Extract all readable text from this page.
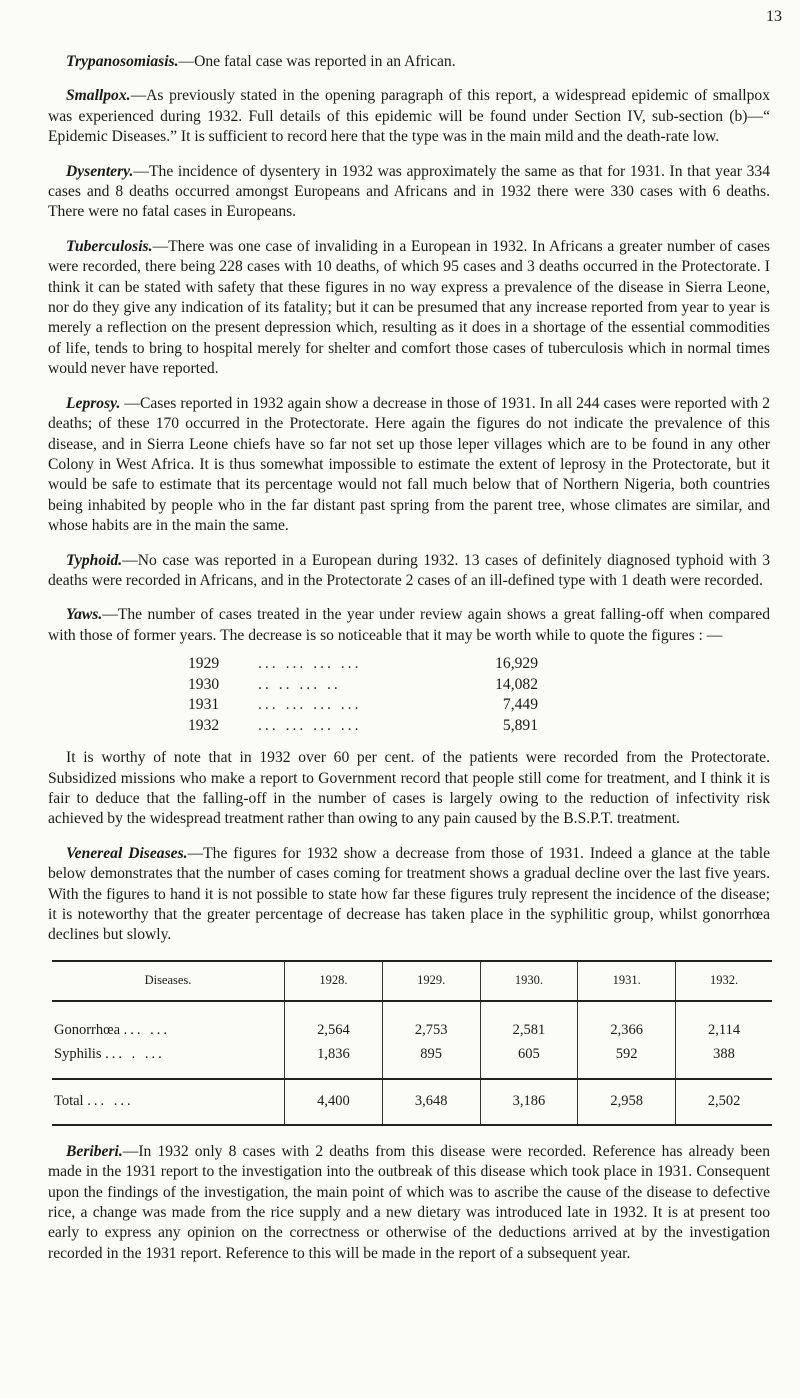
13

Trypanosomiasis.—One fatal case was reported in an African.

Smallpox.—As previously stated in the opening paragraph of this report, a widespread epidemic of smallpox was experienced during 1932. Full details of this epidemic will be found under Section IV, sub-section (b)—“ Epidemic Diseases.” It is sufficient to record here that the type was in the main mild and the death-rate low.

Dysentery.—The incidence of dysentery in 1932 was approximately the same as that for 1931. In that year 334 cases and 8 deaths occurred amongst Europeans and Africans and in 1932 there were 330 cases with 6 deaths. There were no fatal cases in Europeans.

Tuberculosis.—There was one case of invaliding in a European in 1932. In Africans a greater number of cases were recorded, there being 228 cases with 10 deaths, of which 95 cases and 3 deaths occurred in the Protectorate. I think it can be stated with safety that these figures in no way express a prevalence of the disease in Sierra Leone, nor do they give any indication of its fatality; but it can be presumed that any increase reported from year to year is merely a reflection on the present depression which, resulting as it does in a shortage of the essential commodities of life, tends to bring to hospital merely for shelter and comfort those cases of tuberculosis which in normal times would never have reported.

Leprosy. —Cases reported in 1932 again show a decrease in those of 1931. In all 244 cases were reported with 2 deaths; of these 170 occurred in the Protectorate. Here again the figures do not indicate the prevalence of this disease, and in Sierra Leone chiefs have so far not set up those leper villages which are to be found in any other Colony in West Africa. It is thus somewhat impossible to estimate the extent of leprosy in the Protectorate, but it would be safe to estimate that its percentage would not fall much below that of Northern Nigeria, both countries being inhabited by people who in the far distant past spring from the parent tree, whose climates are similar, and whose habits are in the main the same.

Typhoid.—No case was reported in a European during 1932. 13 cases of definitely diagnosed typhoid with 3 deaths were recorded in Africans, and in the Protectorate 2 cases of an ill-defined type with 1 death were recorded.

Yaws.—The number of cases treated in the year under review again shows a great falling-off when compared with those of former years. The decrease is so noticeable that it may be worth while to quote the figures : —

1929	... ... ... ...	16,929
1930	.. .. ... ..	14,082
1931	... ... ... ...	7,449
1932	... ... ... ...	5,891

It is worthy of note that in 1932 over 60 per cent. of the patients were recorded from the Protectorate. Subsidized missions who make a report to Government record that people still come for treatment, and I think it is fair to deduce that the falling-off in the number of cases is largely owing to the reduction of infectivity risk achieved by the widespread treatment rather than owing to any pain caused by the B.S.P.T. treatment.

Venereal Diseases.—The figures for 1932 show a decrease from those of 1931. Indeed a glance at the table below demonstrates that the number of cases coming for treatment shows a gradual decline over the last five years. With the figures to hand it is not possible to state how far these figures truly represent the incidence of the disease; it is noteworthy that the greater percentage of decrease has taken place in the syphilitic group, whilst gonorrhœa declines but slowly.

Diseases.	1928.	1929.	1930.	1931.	1932.
Gonorrhœa ... ...	2,564	2,753	2,581	2,366	2,114
Syphilis ... . ...	1,836	895	605	592	388
Total ... ...	4,400	3,648	3,186	2,958	2,502

Beriberi.—In 1932 only 8 cases with 2 deaths from this disease were recorded. Reference has already been made in the 1931 report to the investigation into the outbreak of this disease which took place in 1931. Consequent upon the findings of the investigation, the main point of which was to ascribe the cause of the disease to defective rice, a change was made from the rice supply and a new dietary was introduced late in 1932. It is at present too early to express any opinion on the correctness or otherwise of the deductions arrived at by the investigation recorded in the 1931 report. Reference to this will be made in the report of a subsequent year.
